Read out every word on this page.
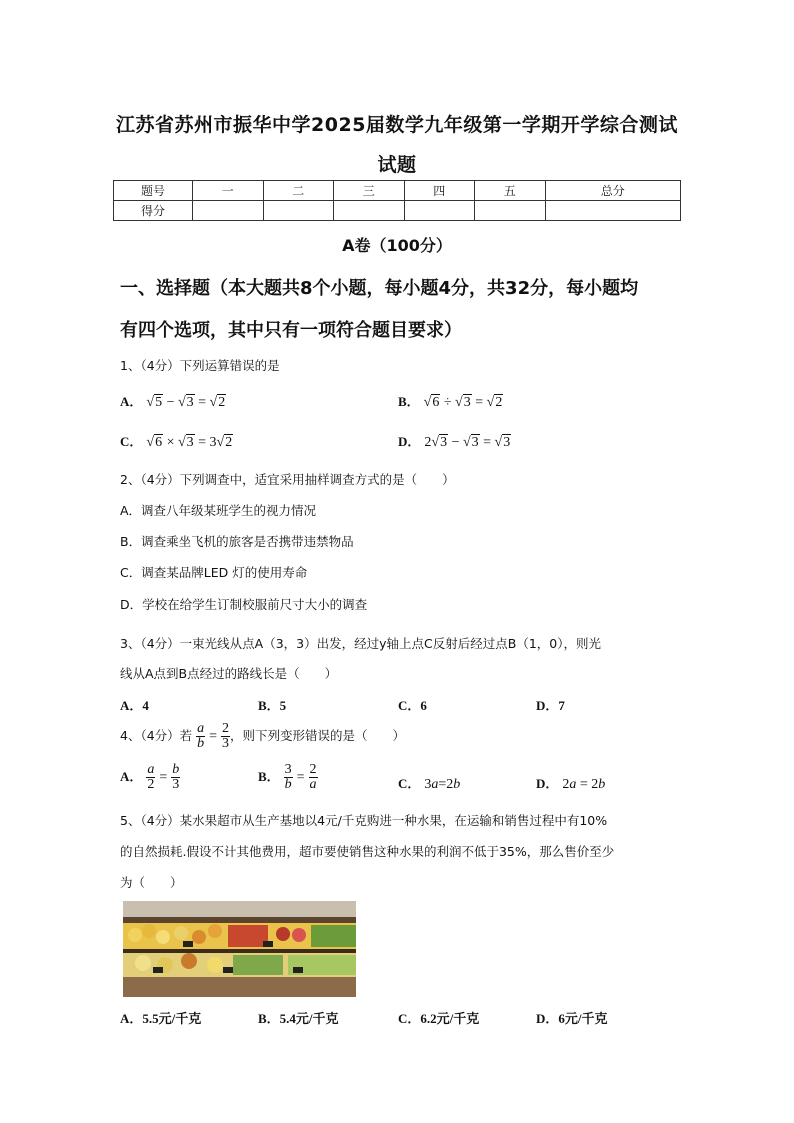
江苏省苏州市振华中学2025届数学九年级第一学期开学综合测试
试题
题号	一	二	三	四	五	总分
得分						
A卷（100分）
一、选择题（本大题共8个小题，每小题4分，共32分，每小题均
有四个选项，其中只有一项符合题目要求）
1、（4分）下列运算错误的是
A． √5 − √3 = √2	B． √6 ÷ √3 = √2
C． √6 × √3 = 3√2	D． 2√3 − √3 = √3
2、（4分）下列调查中，适宜采用抽样调查方式的是（　　）
A．调查八年级某班学生的视力情况
B．调查乘坐飞机的旅客是否携带违禁物品
C．调查某品牌LED 灯的使用寿命
D．学校在给学生订制校服前尺寸大小的调查
3、（4分）一束光线从点A（3，3）出发，经过y轴上点C反射后经过点B（1，0），则光
线从A点到B点经过的路线长是（　　）
A．4	B．5	C．6	D．7
4、（4分）若 $\frac{a}{b} = \frac{2}{3}$ ，则下列变形错误的是（　　）
A． $\frac{a}{2} = \frac{b}{3}$	B． $\frac{3}{b} = \frac{2}{a}$	C． 3a=2b	D． 2a = 2b
5、（4分）某水果超市从生产基地以4元/千克购进一种水果，在运输和销售过程中有10%
的自然损耗.假设不计其他费用，超市要使销售这种水果的利润不低于35%，那么售价至少
为（　　）
A．5.5元/千克	B．5.4元/千克	C．6.2元/千克	D．6元/千克
